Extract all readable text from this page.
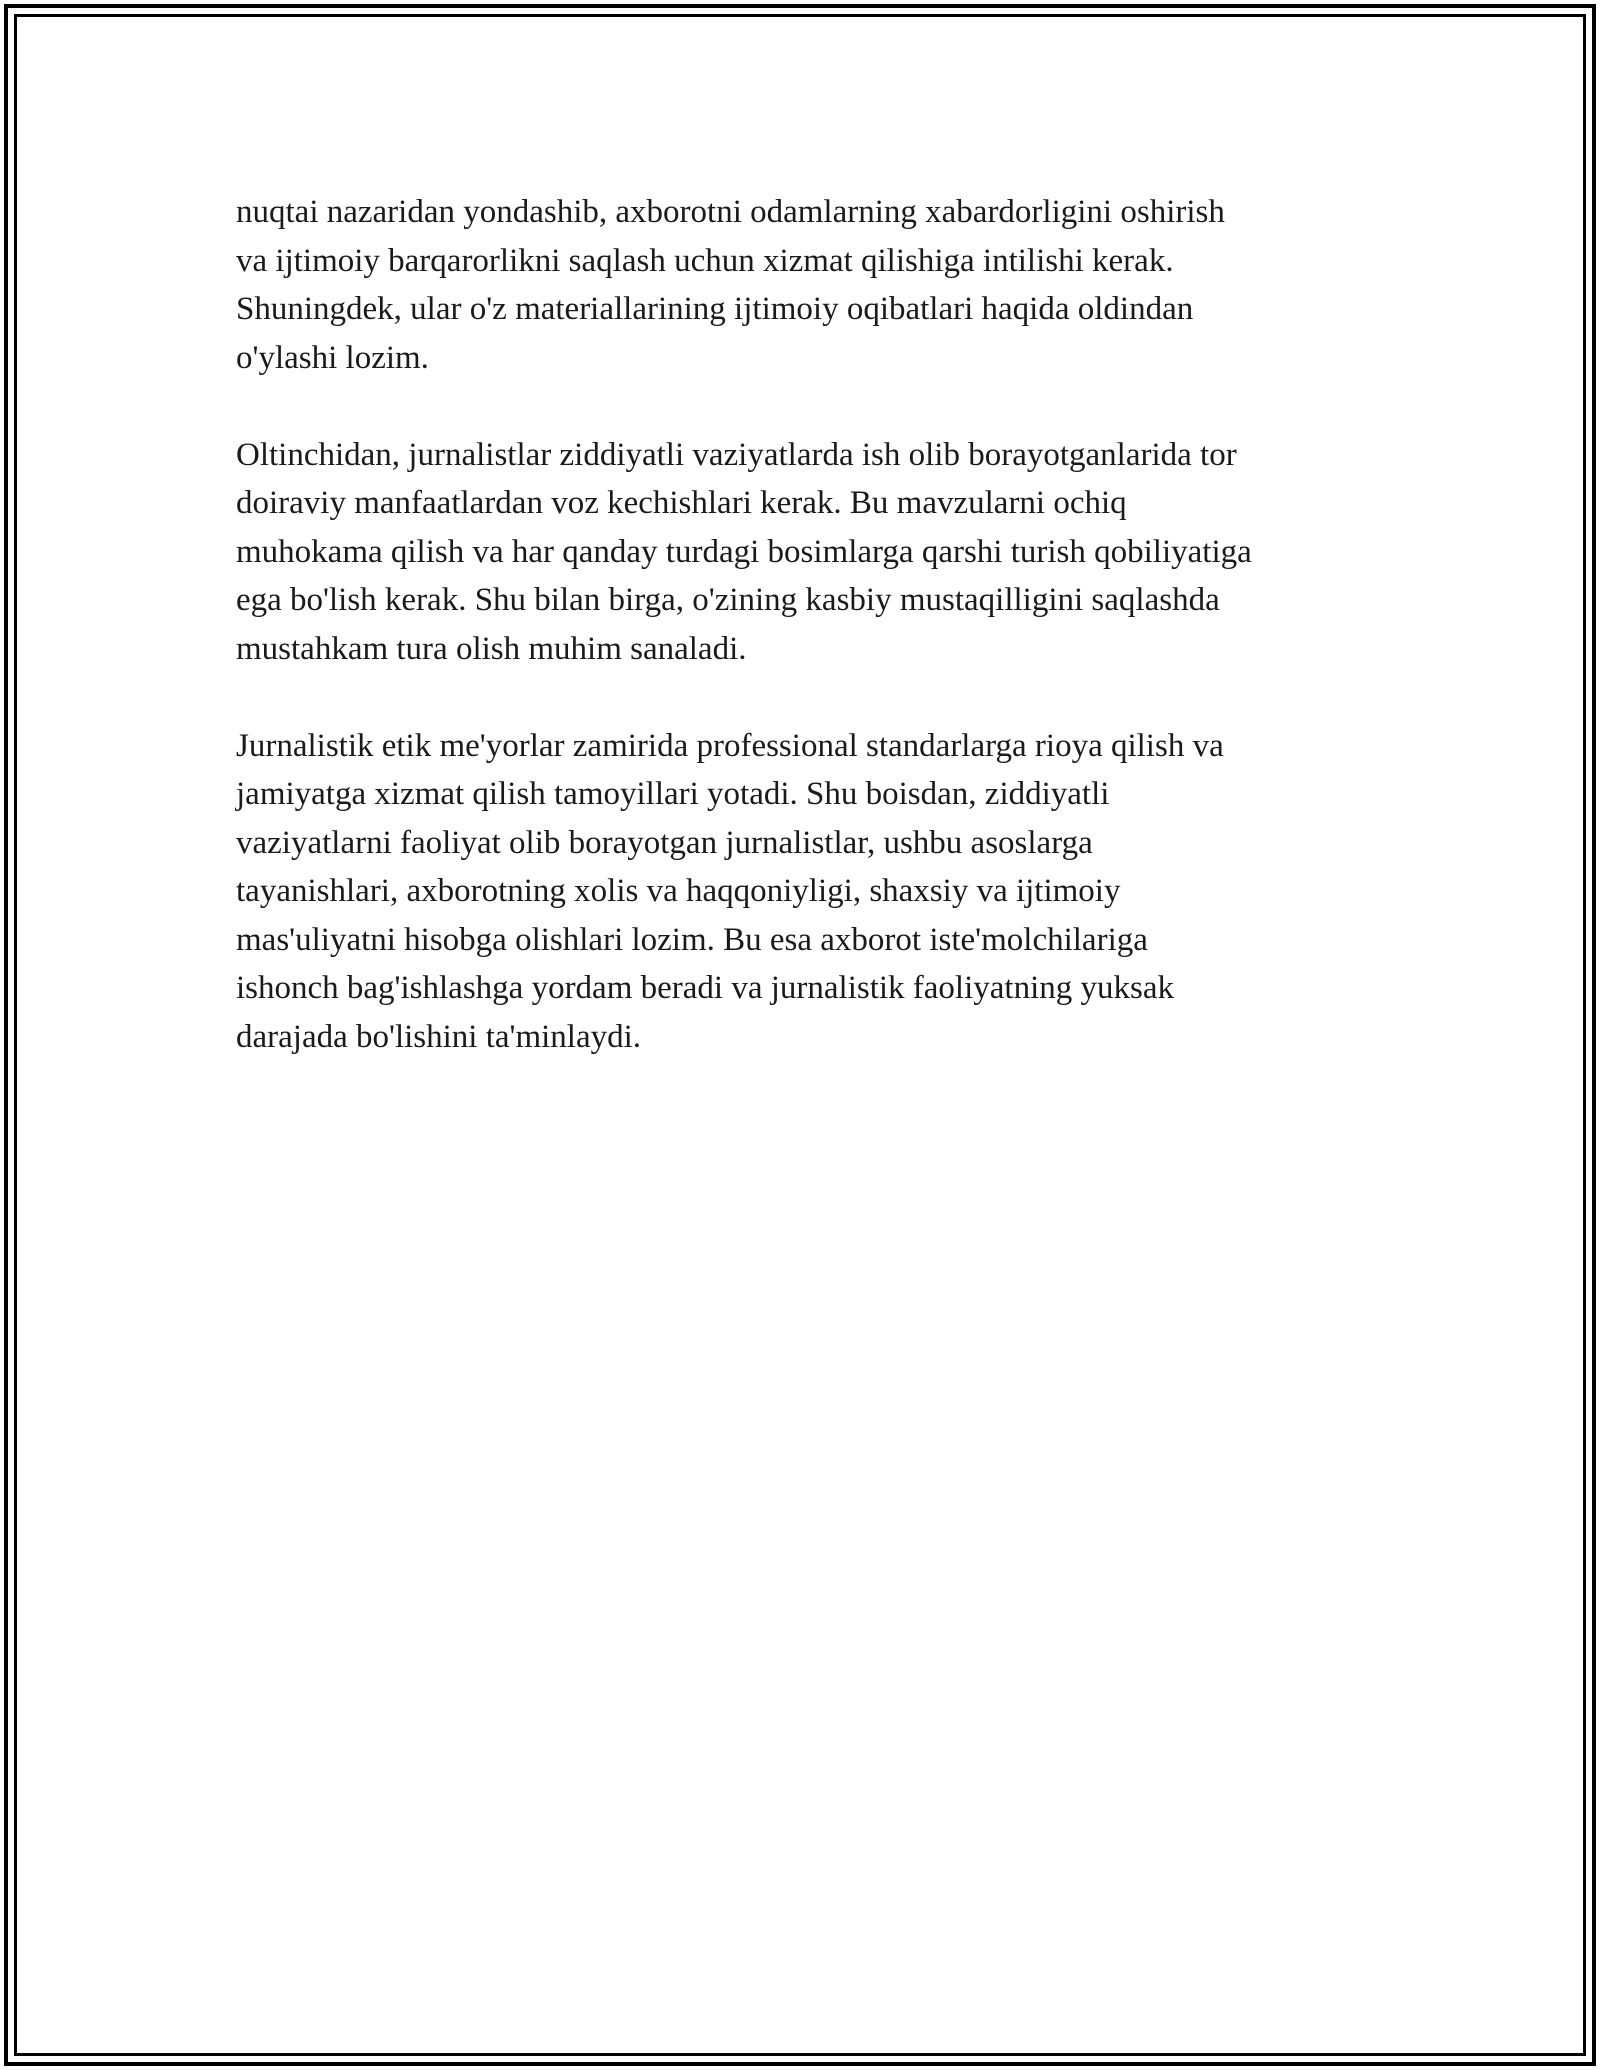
nuqtai nazaridan yondashib, axborotni odamlarning xabardorligini oshirish
va ijtimoiy barqarorlikni saqlash uchun xizmat qilishiga intilishi kerak.
Shuningdek, ular o'z materiallarining ijtimoiy oqibatlari haqida oldindan
o'ylashi lozim.

Oltinchidan, jurnalistlar ziddiyatli vaziyatlarda ish olib borayotganlarida tor
doiraviy manfaatlardan voz kechishlari kerak. Bu mavzularni ochiq
muhokama qilish va har qanday turdagi bosimlarga qarshi turish qobiliyatiga
ega bo'lish kerak. Shu bilan birga, o'zining kasbiy mustaqilligini saqlashda
mustahkam tura olish muhim sanaladi.

Jurnalistik etik me'yorlar zamirida professional standarlarga rioya qilish va
jamiyatga xizmat qilish tamoyillari yotadi. Shu boisdan, ziddiyatli
vaziyatlarni faoliyat olib borayotgan jurnalistlar, ushbu asoslarga
tayanishlari, axborotning xolis va haqqoniyligi, shaxsiy va ijtimoiy
mas'uliyatni hisobga olishlari lozim. Bu esa axborot iste'molchilariga
ishonch bag'ishlashga yordam beradi va jurnalistik faoliyatning yuksak
darajada bo'lishini ta'minlaydi.
